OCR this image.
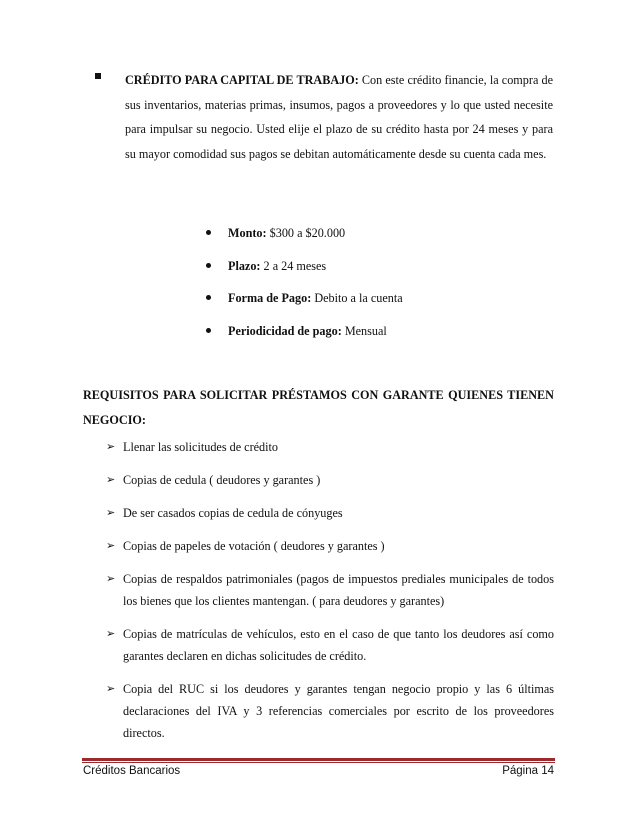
CRÉDITO PARA CAPITAL DE TRABAJO: Con este crédito financie, la compra de sus inventarios, materias primas, insumos, pagos a proveedores y lo que usted necesite para impulsar su negocio. Usted elije el plazo de su crédito hasta por 24 meses y para su mayor comodidad sus pagos se debitan automáticamente desde su cuenta cada mes.

Monto: $300 a $20.000
Plazo: 2 a 24 meses
Forma de Pago: Debito a la cuenta
Periodicidad de pago: Mensual

REQUISITOS PARA SOLICITAR PRÉSTAMOS CON GARANTE QUIENES TIENEN NEGOCIO:

➢ Llenar las solicitudes de crédito
➢ Copias de cedula ( deudores y garantes )
➢ De ser casados copias de cedula de cónyuges
➢ Copias de papeles de votación ( deudores y garantes )
➢ Copias de respaldos patrimoniales (pagos de impuestos prediales municipales de todos los bienes que los clientes mantengan. ( para deudores y garantes)
➢ Copias de matrículas de vehículos, esto en el caso de que tanto los deudores así como garantes declaren en dichas solicitudes de crédito.
➢ Copia del RUC si los deudores y garantes tengan negocio propio y las 6 últimas declaraciones del IVA y 3 referencias comerciales por escrito de los proveedores directos.
Créditos Bancarios	Página 14
